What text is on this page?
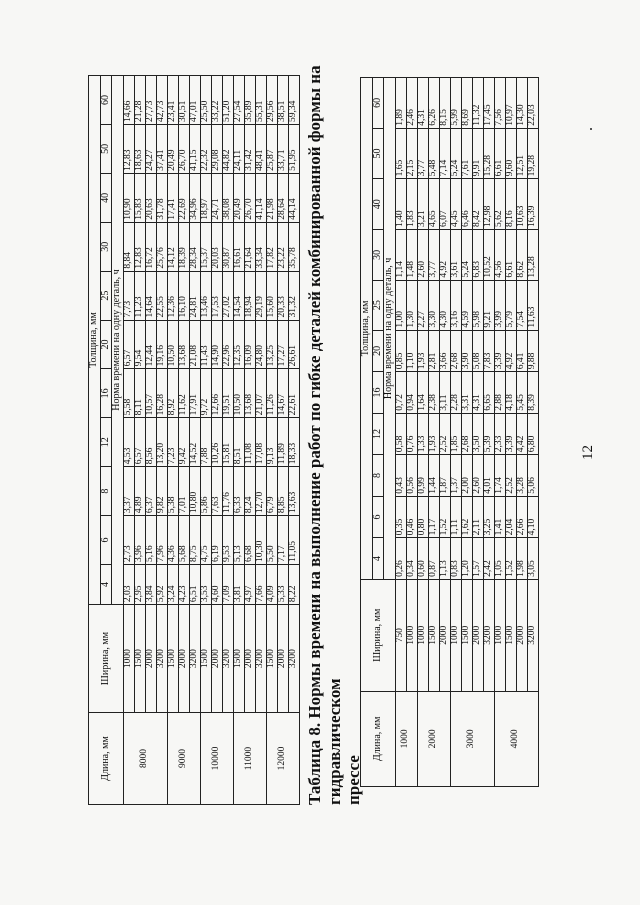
12
Длина, мм	Ширина, мм	Толщина, мм										
		4	6	8	12	16	20	25	30	40	50	60
		Норма времени на одну деталь, ч										
8000	1000	2,03	2,73	3,37	4,53	5,58	6,57	7,73	8,84	10,90	12,83	14,66
	1500	2,95	3,96	4,89	6,57	8,11	9,54	11,23	12,83	15,83	18,63	21,28
	2000	3,84	5,16	6,37	8,56	10,57	12,44	14,64	16,72	20,63	24,27	27,73
	3200	5,92	7,96	9,82	13,20	16,28	19,16	22,55	25,76	31,78	37,41	42,73
9000	1500	3,24	4,36	5,38	7,23	8,92	10,50	12,36	14,12	17,41	20,49	23,41
	2000	4,23	5,68	7,01	9,42	11,62	13,68	16,10	18,39	22,69	26,70	30,51
	3200	6,51	8,75	10,80	14,52	17,91	21,08	24,81	28,34	34,96	41,15	47,01
10000	1500	3,53	4,75	5,86	7,88	9,72	11,43	13,46	15,37	18,97	22,32	25,50
	2000	4,60	6,19	7,63	10,26	12,66	14,90	17,53	20,03	24,71	29,08	33,22
	3200	7,09	9,53	11,76	15,81	19,51	22,96	27,02	30,87	38,08	44,82	51,20
11000	1500	3,81	5,13	6,33	8,51	10,50	12,35	14,54	16,61	20,49	24,11	27,54
	2000	4,97	6,68	8,24	11,08	13,68	16,09	18,94	21,64	26,70	31,42	35,89
	3200	7,66	10,30	12,70	17,08	21,07	24,80	29,19	33,34	41,14	48,41	55,31
12000	1500	4,09	5,50	6,79	9,13	11,26	13,25	15,60	17,82	21,98	25,87	29,56
	2000	5,33	7,17	8,85	11,89	14,67	17,27	20,33	23,22	28,64	33,71	38,51
	3200	8,22	11,05	13,63	18,33	22,61	26,61	31,32	35,78	44,14	51,95	59,34 Таблица 8. Нормы времени на выполнение работ по гибке деталей комбинированной формы на гидравлическом прессе
Длина, мм	Ширина, мм	Толщина, мм										
		4	6	8	12	16	20	25	30	40	50	60
		Норма времени на одну деталь, ч										
1000	750	0,26	0,35	0,43	0,58	0,72	0,85	1,00	1,14	1,40	1,65	1,89
	1000	0,34	0,46	0,56	0,76	0,94	1,10	1,30	1,48	1,83	2,15	2,46
2000	1000	0,60	0,80	0,99	1,33	1,64	1,93	2,27	2,60	3,21	3,77	4,31
	1500	0,87	1,17	1,44	1,93	2,38	2,81	3,30	3,77	4,65	5,48	6,26
	2000	1,13	1,52	1,87	2,52	3,11	3,66	4,30	4,92	6,07	7,14	8,15
3000	1000	0,83	1,11	1,37	1,85	2,28	2,68	3,16	3,61	4,45	5,24	5,99
	1500	1,20	1,62	2,00	2,68	3,31	3,90	4,59	5,24	6,46	7,61	8,69
	2000	1,57	2,11	2,60	3,50	4,31	5,08	5,98	6,83	8,42	9,91	11,32
	3200	2,42	3,25	4,01	5,39	6,65	7,83	9,21	10,52	12,98	15,28	17,45
4000	1000	1,05	1,41	1,74	2,33	2,88	3,39	3,99	4,56	5,62	6,61	7,56
	1500	1,52	2,04	2,52	3,39	4,18	4,92	5,79	6,61	8,16	9,60	10,97
	2000	1,98	2,66	3,28	4,42	5,45	6,41	7,54	8,62	10,63	12,51	14,30
	3200	3,05	4,10	5,06	6,80	8,39	9,88	11,63	13,28	16,39	19,28	22,03
